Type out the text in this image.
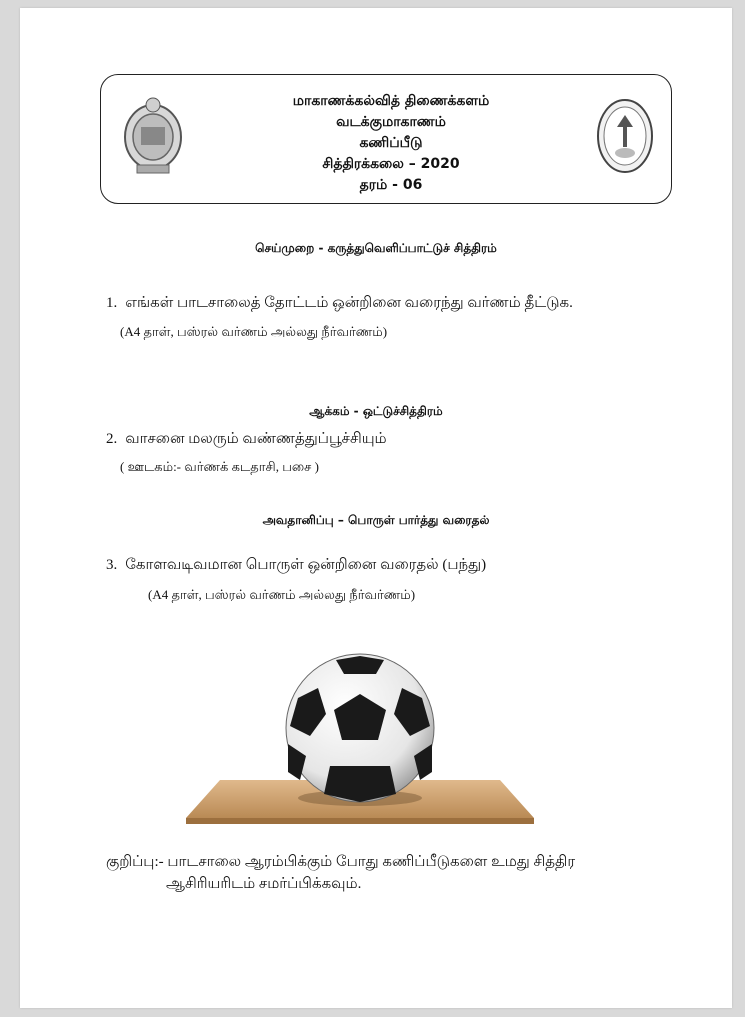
மாகாணக்கல்வித் திணைக்களம்
வடக்குமாகாணம்
கணிப்பீடு
சித்திரக்கலை – 2020
தரம் - 06
செய்முறை - கருத்துவெளிப்பாட்டுச் சித்திரம்
1. எங்கள் பாடசாலைத் தோட்டம் ஒன்றினை வரைந்து வர்ணம் தீட்டுக.
(A4 தாள், பஸ்ரல் வர்ணம் அல்லது நீர்வர்ணம்)
ஆக்கம் - ஒட்டுச்சித்திரம்
2. வாசனை மலரும் வண்ணத்துப்பூச்சியும்
( ஊடகம்:- வர்ணக் கடதாசி, பசை )
அவதானிப்பு – பொருள் பார்த்து வரைதல்
3. கோளவடிவமான பொருள் ஒன்றினை வரைதல் (பந்து)
(A4 தாள், பஸ்ரல் வர்ணம் அல்லது நீர்வர்ணம்)
குறிப்பு:- பாடசாலை ஆரம்பிக்கும் போது கணிப்பீடுகளை உமது சித்திர
ஆசிரியரிடம் சமர்ப்பிக்கவும்.
